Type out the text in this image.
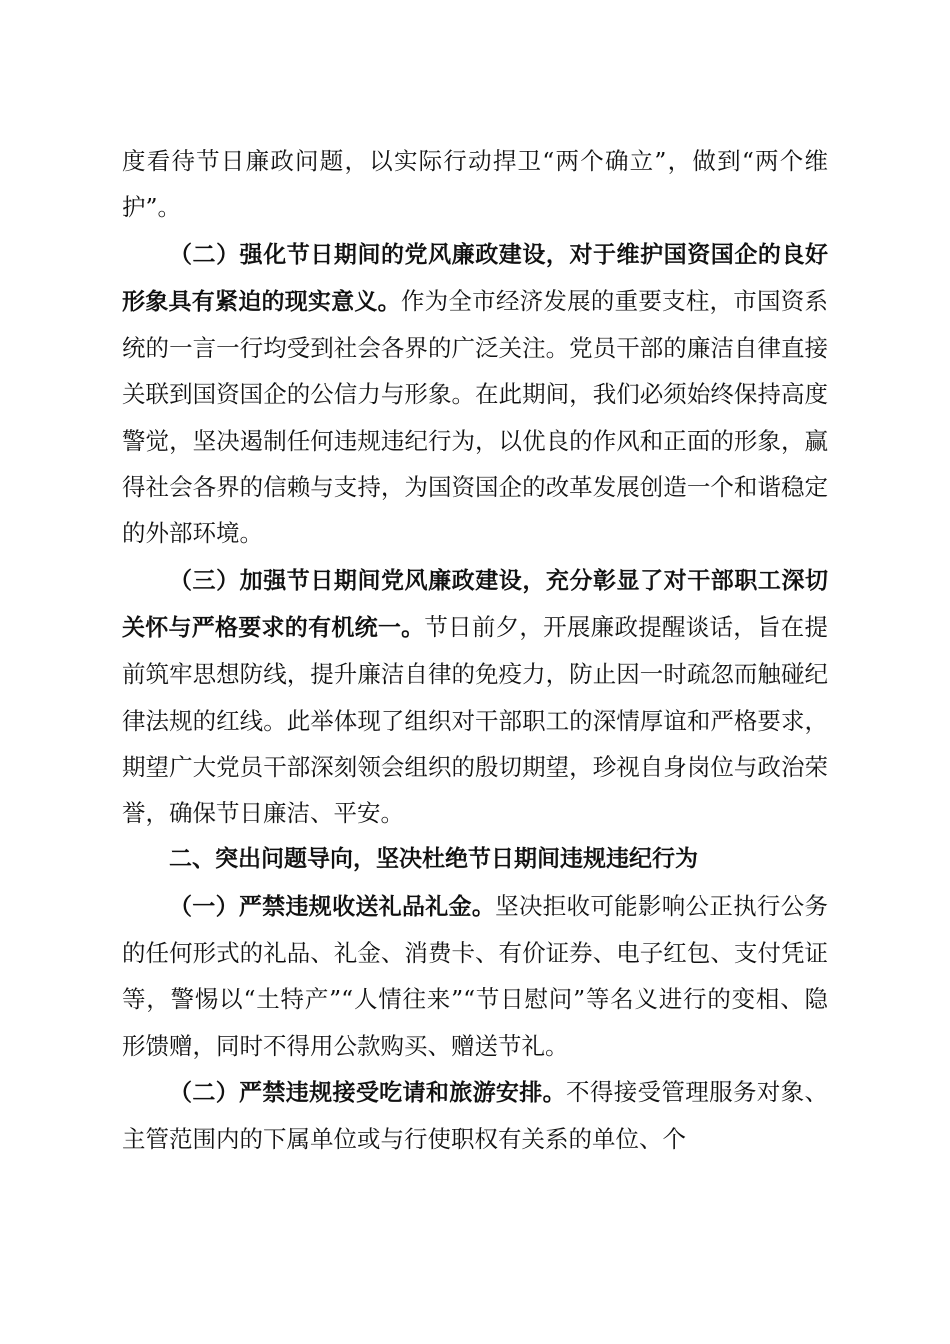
度看待节日廉政问题，以实际行动捍卫“两个确立”，做到“两个维护”。

（二）强化节日期间的党风廉政建设，对于维护国资国企的良好形象具有紧迫的现实意义。作为全市经济发展的重要支柱，市国资系统的一言一行均受到社会各界的广泛关注。党员干部的廉洁自律直接关联到国资国企的公信力与形象。在此期间，我们必须始终保持高度警觉，坚决遏制任何违规违纪行为，以优良的作风和正面的形象，赢得社会各界的信赖与支持，为国资国企的改革发展创造一个和谐稳定的外部环境。

（三）加强节日期间党风廉政建设，充分彰显了对干部职工深切关怀与严格要求的有机统一。节日前夕，开展廉政提醒谈话，旨在提前筑牢思想防线，提升廉洁自律的免疫力，防止因一时疏忽而触碰纪律法规的红线。此举体现了组织对干部职工的深情厚谊和严格要求，期望广大党员干部深刻领会组织的殷切期望，珍视自身岗位与政治荣誉，确保节日廉洁、平安。

二、突出问题导向，坚决杜绝节日期间违规违纪行为

（一）严禁违规收送礼品礼金。坚决拒收可能影响公正执行公务的任何形式的礼品、礼金、消费卡、有价证券、电子红包、支付凭证等，警惕以“土特产”“人情往来”“节日慰问”等名义进行的变相、隐形馈赠，同时不得用公款购买、赠送节礼。

（二）严禁违规接受吃请和旅游安排。不得接受管理服务对象、主管范围内的下属单位或与行使职权有关系的单位、个
